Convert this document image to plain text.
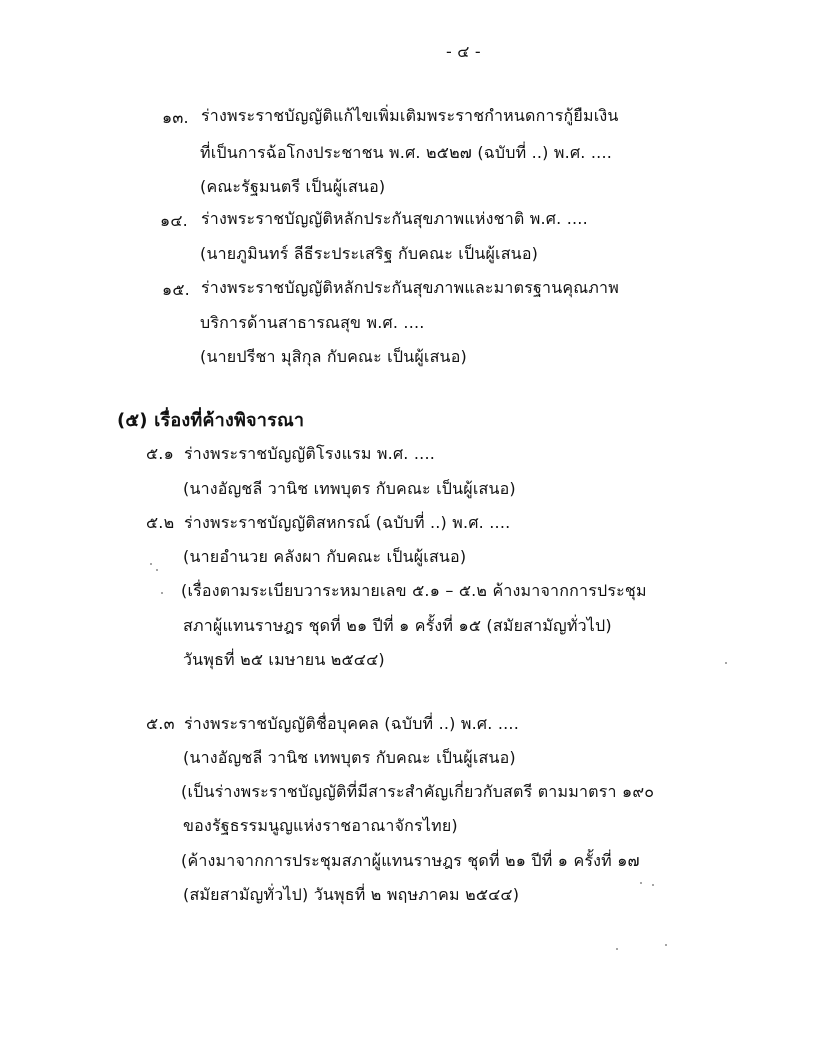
- ๔ -
๑๓. ร่างพระราชบัญญัติแก้ไขเพิ่มเติมพระราชกำหนดการกู้ยืมเงิน
ที่เป็นการฉ้อโกงประชาชน พ.ศ. ๒๕๒๗ (ฉบับที่ ..) พ.ศ. ....
(คณะรัฐมนตรี เป็นผู้เสนอ)
๑๔. ร่างพระราชบัญญัติหลักประกันสุขภาพแห่งชาติ พ.ศ. ....
(นายภูมินทร์ ลีธีระประเสริฐ กับคณะ เป็นผู้เสนอ)
๑๕. ร่างพระราชบัญญัติหลักประกันสุขภาพและมาตรฐานคุณภาพ
บริการด้านสาธารณสุข พ.ศ. ....
(นายปรีชา มุสิกุล กับคณะ เป็นผู้เสนอ)
(๕) เรื่องที่ค้างพิจารณา
๕.๑ ร่างพระราชบัญญัติโรงแรม พ.ศ. ....
(นางอัญชลี วานิช เทพบุตร กับคณะ เป็นผู้เสนอ)
๕.๒ ร่างพระราชบัญญัติสหกรณ์ (ฉบับที่ ..) พ.ศ. ....
(นายอำนวย คลังผา กับคณะ เป็นผู้เสนอ)
(เรื่องตามระเบียบวาระหมายเลข ๕.๑ – ๕.๒ ค้างมาจากการประชุม
สภาผู้แทนราษฎร ชุดที่ ๒๑ ปีที่ ๑ ครั้งที่ ๑๕ (สมัยสามัญทั่วไป)
วันพุธที่ ๒๕ เมษายน ๒๕๔๔)
๕.๓ ร่างพระราชบัญญัติชื่อบุคคล (ฉบับที่ ..) พ.ศ. ....
(นางอัญชลี วานิช เทพบุตร กับคณะ เป็นผู้เสนอ)
(เป็นร่างพระราชบัญญัติที่มีสาระสำคัญเกี่ยวกับสตรี ตามมาตรา ๑๙๐
ของรัฐธรรมนูญแห่งราชอาณาจักรไทย)
(ค้างมาจากการประชุมสภาผู้แทนราษฎร ชุดที่ ๒๑ ปีที่ ๑ ครั้งที่ ๑๗
(สมัยสามัญทั่วไป) วันพุธที่ ๒ พฤษภาคม ๒๕๔๔)
